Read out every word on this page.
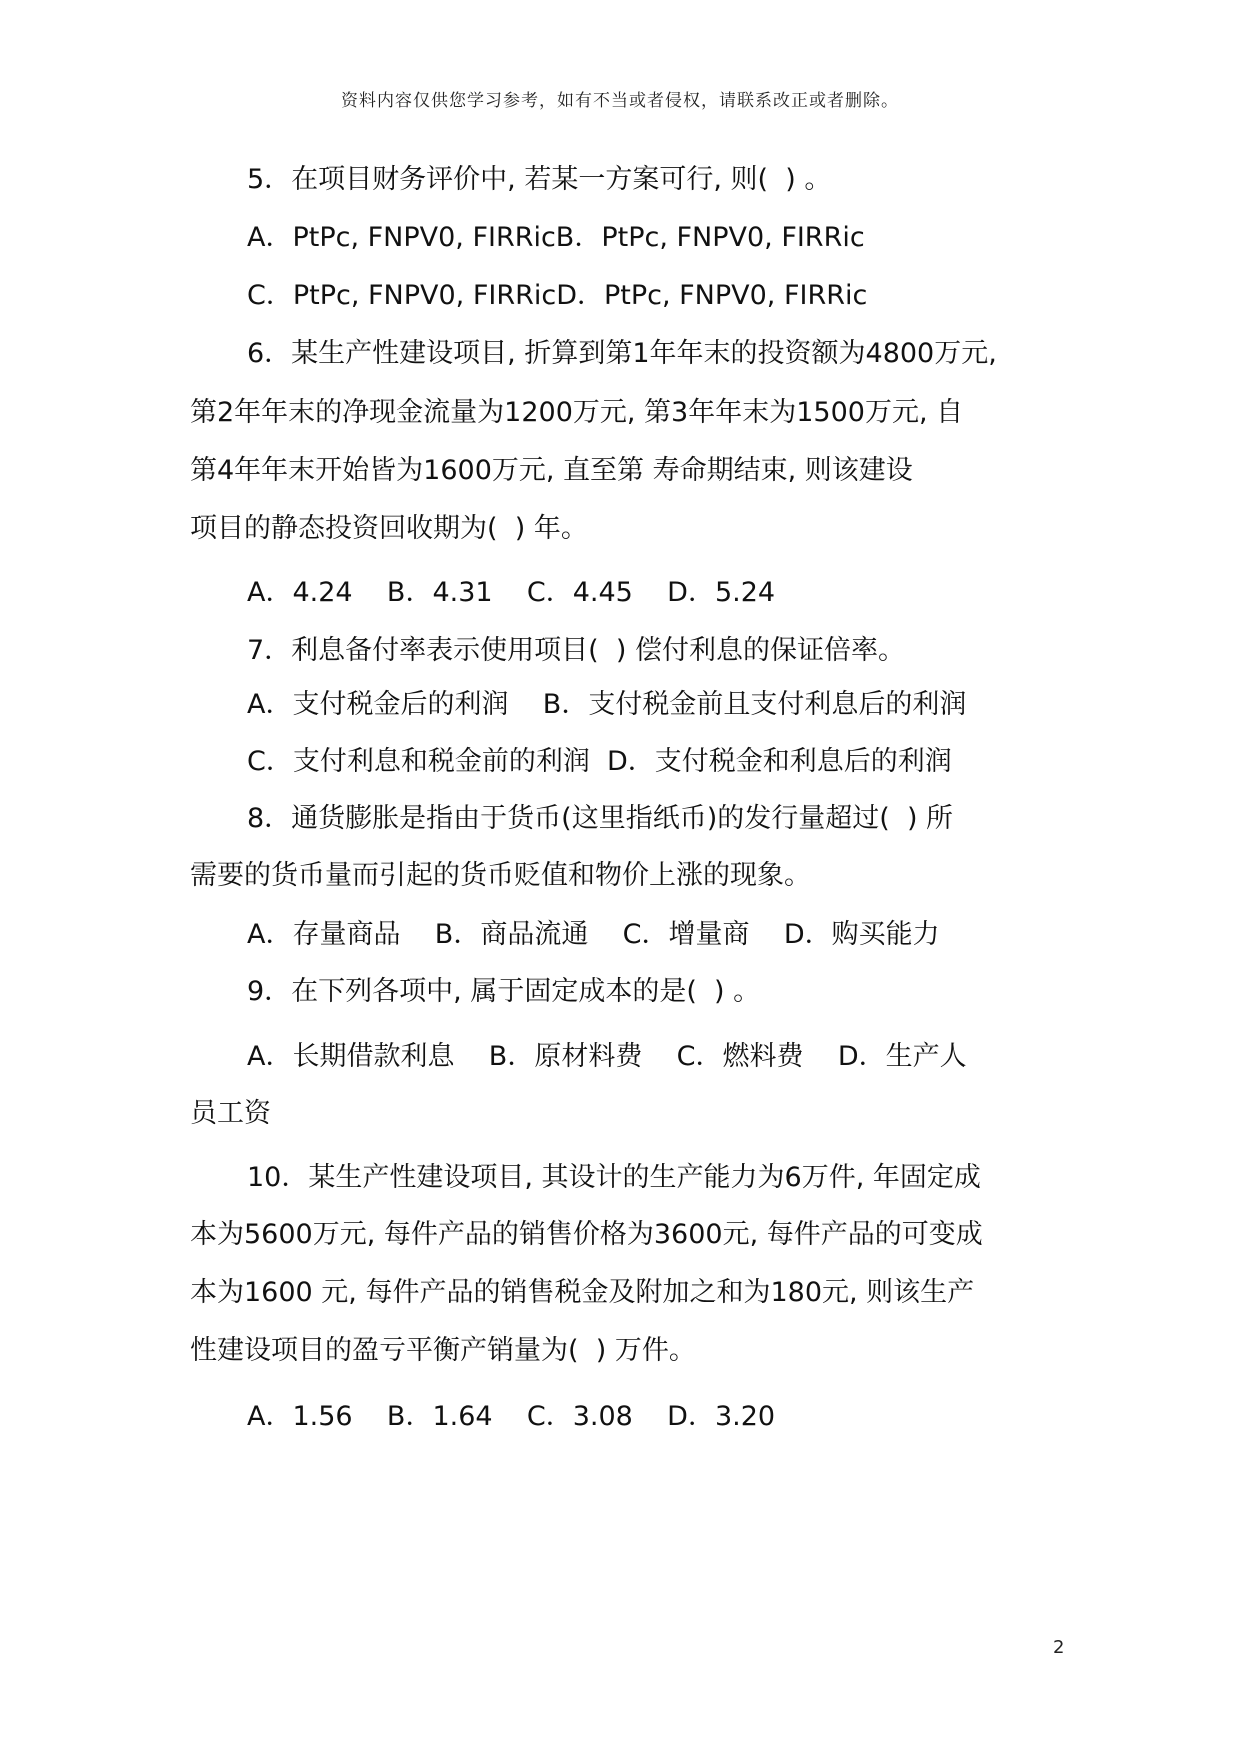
资料内容仅供您学习参考，如有不当或者侵权，请联系改正或者删除。
5．在项目财务评价中, 若某一方案可行, 则(  ) 。
A．PtPc, FNPV0, FIRRicB．PtPc, FNPV0, FIRRic
C．PtPc, FNPV0, FIRRicD．PtPc, FNPV0, FIRRic
6．某生产性建设项目, 折算到第1年年末的投资额为4800万元,
第2年年末的净现金流量为1200万元, 第3年年末为1500万元, 自
第4年年末开始皆为1600万元, 直至第 寿命期结束, 则该建设
项目的静态投资回收期为(  ) 年。
A．4.24    B．4.31    C．4.45    D．5.24
7．利息备付率表示使用项目(  ) 偿付利息的保证倍率。
A．支付税金后的利润    B．支付税金前且支付利息后的利润
C．支付利息和税金前的利润  D．支付税金和利息后的利润
8．通货膨胀是指由于货币(这里指纸币)的发行量超过(  ) 所
需要的货币量而引起的货币贬值和物价上涨的现象。
A．存量商品    B．商品流通    C．增量商    D．购买能力
9．在下列各项中, 属于固定成本的是(  ) 。
A．长期借款利息    B．原材料费    C．燃料费    D．生产人
员工资
10．某生产性建设项目, 其设计的生产能力为6万件, 年固定成
本为5600万元, 每件产品的销售价格为3600元, 每件产品的可变成
本为1600 元, 每件产品的销售税金及附加之和为180元, 则该生产
性建设项目的盈亏平衡产销量为(  ) 万件。
A．1.56    B．1.64    C．3.08    D．3.20
2
